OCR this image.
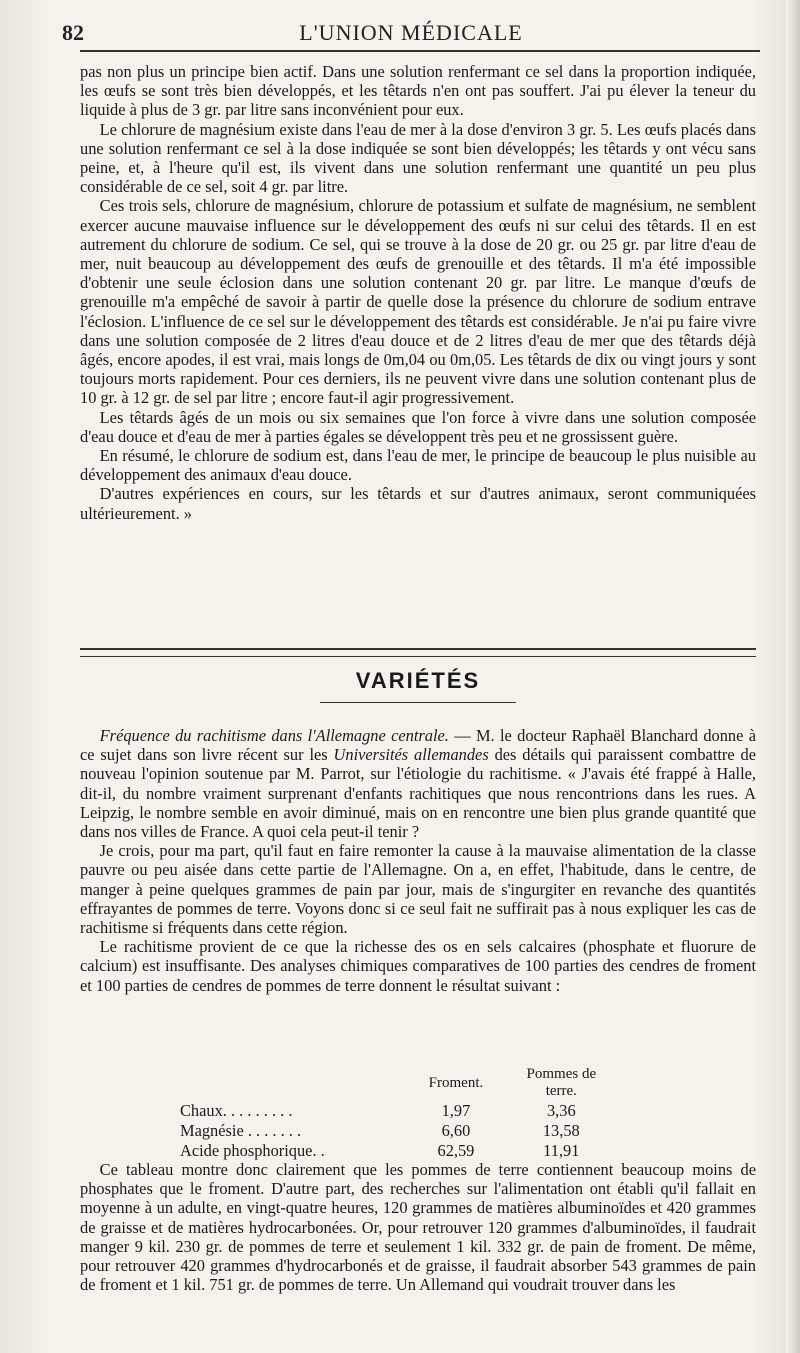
82	L'UNION MÉDICALE

pas non plus un principe bien actif. Dans une solution renfermant ce sel dans la proportion indiquée, les œufs se sont très bien développés, et les têtards n'en ont pas souffert. J'ai pu élever la teneur du liquide à plus de 3 gr. par litre sans inconvénient pour eux.

Le chlorure de magnésium existe dans l'eau de mer à la dose d'environ 3 gr. 5. Les œufs placés dans une solution renfermant ce sel à la dose indiquée se sont bien développés; les têtards y ont vécu sans peine, et, à l'heure qu'il est, ils vivent dans une solution renfermant une quantité un peu plus considérable de ce sel, soit 4 gr. par litre.

Ces trois sels, chlorure de magnésium, chlorure de potassium et sulfate de magnésium, ne semblent exercer aucune mauvaise influence sur le développement des œufs ni sur celui des têtards. Il en est autrement du chlorure de sodium. Ce sel, qui se trouve à la dose de 20 gr. ou 25 gr. par litre d'eau de mer, nuit beaucoup au développement des œufs de grenouille et des têtards. Il m'a été impossible d'obtenir une seule éclosion dans une solution contenant 20 gr. par litre. Le manque d'œufs de grenouille m'a empêché de savoir à partir de quelle dose la présence du chlorure de sodium entrave l'éclosion. L'influence de ce sel sur le développement des têtards est considérable. Je n'ai pu faire vivre dans une solution composée de 2 litres d'eau douce et de 2 litres d'eau de mer que des têtards déjà âgés, encore apodes, il est vrai, mais longs de 0m,04 ou 0m,05. Les têtards de dix ou vingt jours y sont toujours morts rapidement. Pour ces derniers, ils ne peuvent vivre dans une solution contenant plus de 10 gr. à 12 gr. de sel par litre ; encore faut-il agir progressivement.

Les têtards âgés de un mois ou six semaines que l'on force à vivre dans une solution composée d'eau douce et d'eau de mer à parties égales se développent très peu et ne grossissent guère.

En résumé, le chlorure de sodium est, dans l'eau de mer, le principe de beaucoup le plus nuisible au développement des animaux d'eau douce.

D'autres expériences en cours, sur les têtards et sur d'autres animaux, seront communiquées ultérieurement. »

VARIÉTÉS

Fréquence du rachitisme dans l'Allemagne centrale. — M. le docteur Raphaël Blanchard donne à ce sujet dans son livre récent sur les Universités allemandes des détails qui paraissent combattre de nouveau l'opinion soutenue par M. Parrot, sur l'étiologie du rachitisme. « J'avais été frappé à Halle, dit-il, du nombre vraiment surprenant d'enfants rachitiques que nous rencontrions dans les rues. A Leipzig, le nombre semble en avoir diminué, mais on en rencontre une bien plus grande quantité que dans nos villes de France. A quoi cela peut-il tenir ?

Je crois, pour ma part, qu'il faut en faire remonter la cause à la mauvaise alimentation de la classe pauvre ou peu aisée dans cette partie de l'Allemagne. On a, en effet, l'habitude, dans le centre, de manger à peine quelques grammes de pain par jour, mais de s'ingurgiter en revanche des quantités effrayantes de pommes de terre. Voyons donc si ce seul fait ne suffirait pas à nous expliquer les cas de rachitisme si fréquents dans cette région.

Le rachitisme provient de ce que la richesse des os en sels calcaires (phosphate et fluorure de calcium) est insuffisante. Des analyses chimiques comparatives de 100 parties des cendres de froment et 100 parties de cendres de pommes de terre donnent le résultat suivant :

	Froment.	Pommes de terre.
Chaux. . . . . . . . .	1,97	3,36
Magnésie . . . . . . .	6,60	13,58
Acide phosphorique. .	62,59	11,91

Ce tableau montre donc clairement que les pommes de terre contiennent beaucoup moins de phosphates que le froment. D'autre part, des recherches sur l'alimentation ont établi qu'il fallait en moyenne à un adulte, en vingt-quatre heures, 120 grammes de matières albuminoïdes et 420 grammes de graisse et de matières hydrocarbonées. Or, pour retrouver 120 grammes d'albuminoïdes, il faudrait manger 9 kil. 230 gr. de pommes de terre et seulement 1 kil. 332 gr. de pain de froment. De même, pour retrouver 420 grammes d'hydrocarbonés et de graisse, il faudrait absorber 543 grammes de pain de froment et 1 kil. 751 gr. de pommes de terre. Un Allemand qui voudrait trouver dans les
